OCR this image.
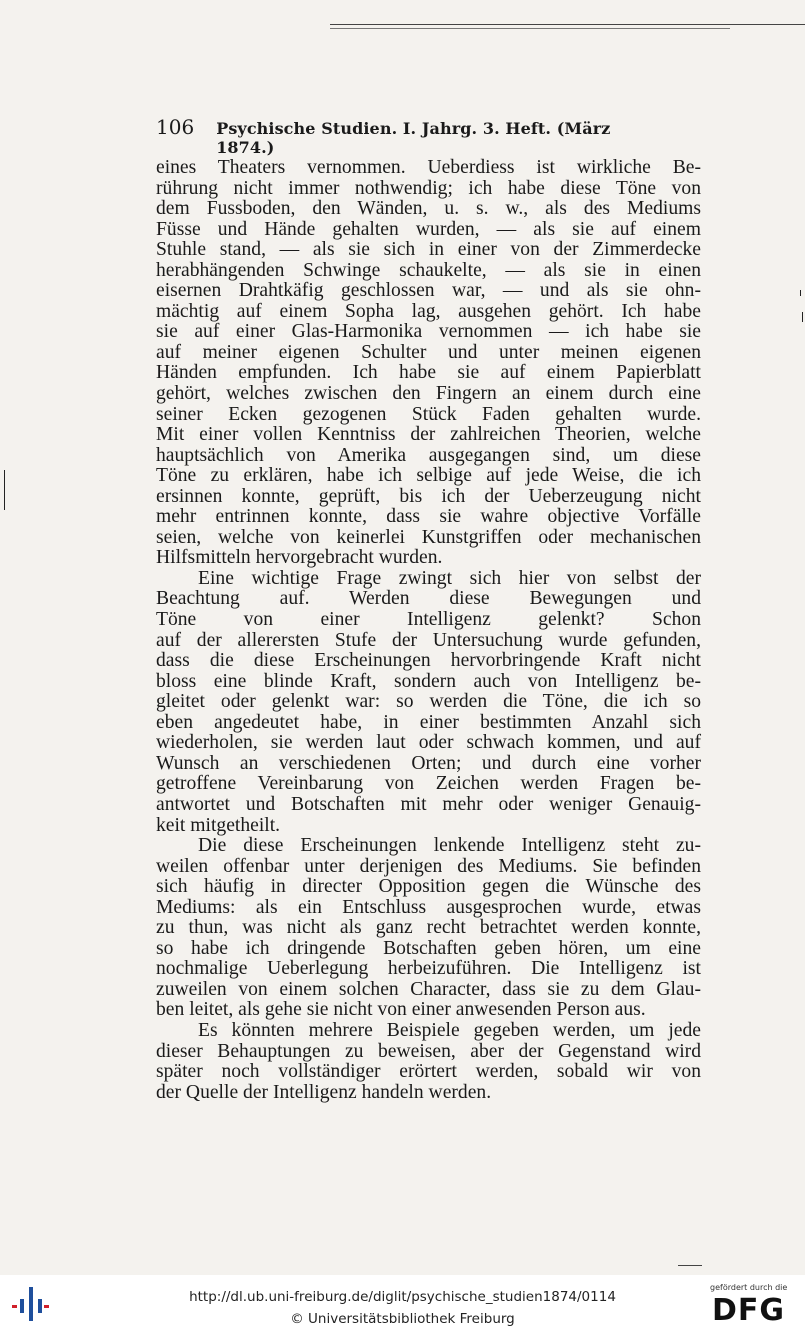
106 Psychische Studien. I. Jahrg. 3. Heft. (März 1874.)
eines Theaters vernommen. Ueberdiess ist wirkliche Be-
rührung nicht immer nothwendig; ich habe diese Töne von
dem Fussboden, den Wänden, u. s. w., als des Mediums
Füsse und Hände gehalten wurden, — als sie auf einem
Stuhle stand, — als sie sich in einer von der Zimmerdecke
herabhängenden Schwinge schaukelte, — als sie in einen
eisernen Drahtkäfig geschlossen war, — und als sie ohn-
mächtig auf einem Sopha lag, ausgehen gehört. Ich habe
sie auf einer Glas-Harmonika vernommen — ich habe sie
auf meiner eigenen Schulter und unter meinen eigenen
Händen empfunden. Ich habe sie auf einem Papierblatt
gehört, welches zwischen den Fingern an einem durch eine
seiner Ecken gezogenen Stück Faden gehalten wurde.
Mit einer vollen Kenntniss der zahlreichen Theorien, welche
hauptsächlich von Amerika ausgegangen sind, um diese
Töne zu erklären, habe ich selbige auf jede Weise, die ich
ersinnen konnte, geprüft, bis ich der Ueberzeugung nicht
mehr entrinnen konnte, dass sie wahre objective Vorfälle
seien, welche von keinerlei Kunstgriffen oder mechanischen
Hilfsmitteln hervorgebracht wurden.
Eine wichtige Frage zwingt sich hier von selbst der
Beachtung auf. Werden diese Bewegungen und
Töne von einer Intelligenz gelenkt? Schon
auf der allerersten Stufe der Untersuchung wurde gefunden,
dass die diese Erscheinungen hervorbringende Kraft nicht
bloss eine blinde Kraft, sondern auch von Intelligenz be-
gleitet oder gelenkt war: so werden die Töne, die ich so
eben angedeutet habe, in einer bestimmten Anzahl sich
wiederholen, sie werden laut oder schwach kommen, und auf
Wunsch an verschiedenen Orten; und durch eine vorher
getroffene Vereinbarung von Zeichen werden Fragen be-
antwortet und Botschaften mit mehr oder weniger Genauig-
keit mitgetheilt.
Die diese Erscheinungen lenkende Intelligenz steht zu-
weilen offenbar unter derjenigen des Mediums. Sie befinden
sich häufig in directer Opposition gegen die Wünsche des
Mediums: als ein Entschluss ausgesprochen wurde, etwas
zu thun, was nicht als ganz recht betrachtet werden konnte,
so habe ich dringende Botschaften geben hören, um eine
nochmalige Ueberlegung herbeizuführen. Die Intelligenz ist
zuweilen von einem solchen Character, dass sie zu dem Glau-
ben leitet, als gehe sie nicht von einer anwesenden Person aus.
Es könnten mehrere Beispiele gegeben werden, um jede
dieser Behauptungen zu beweisen, aber der Gegenstand wird
später noch vollständiger erörtert werden, sobald wir von
der Quelle der Intelligenz handeln werden.
http://dl.ub.uni-freiburg.de/diglit/psychische_studien1874/0114
© Universitätsbibliothek Freiburg
gefördert durch die
DFG
